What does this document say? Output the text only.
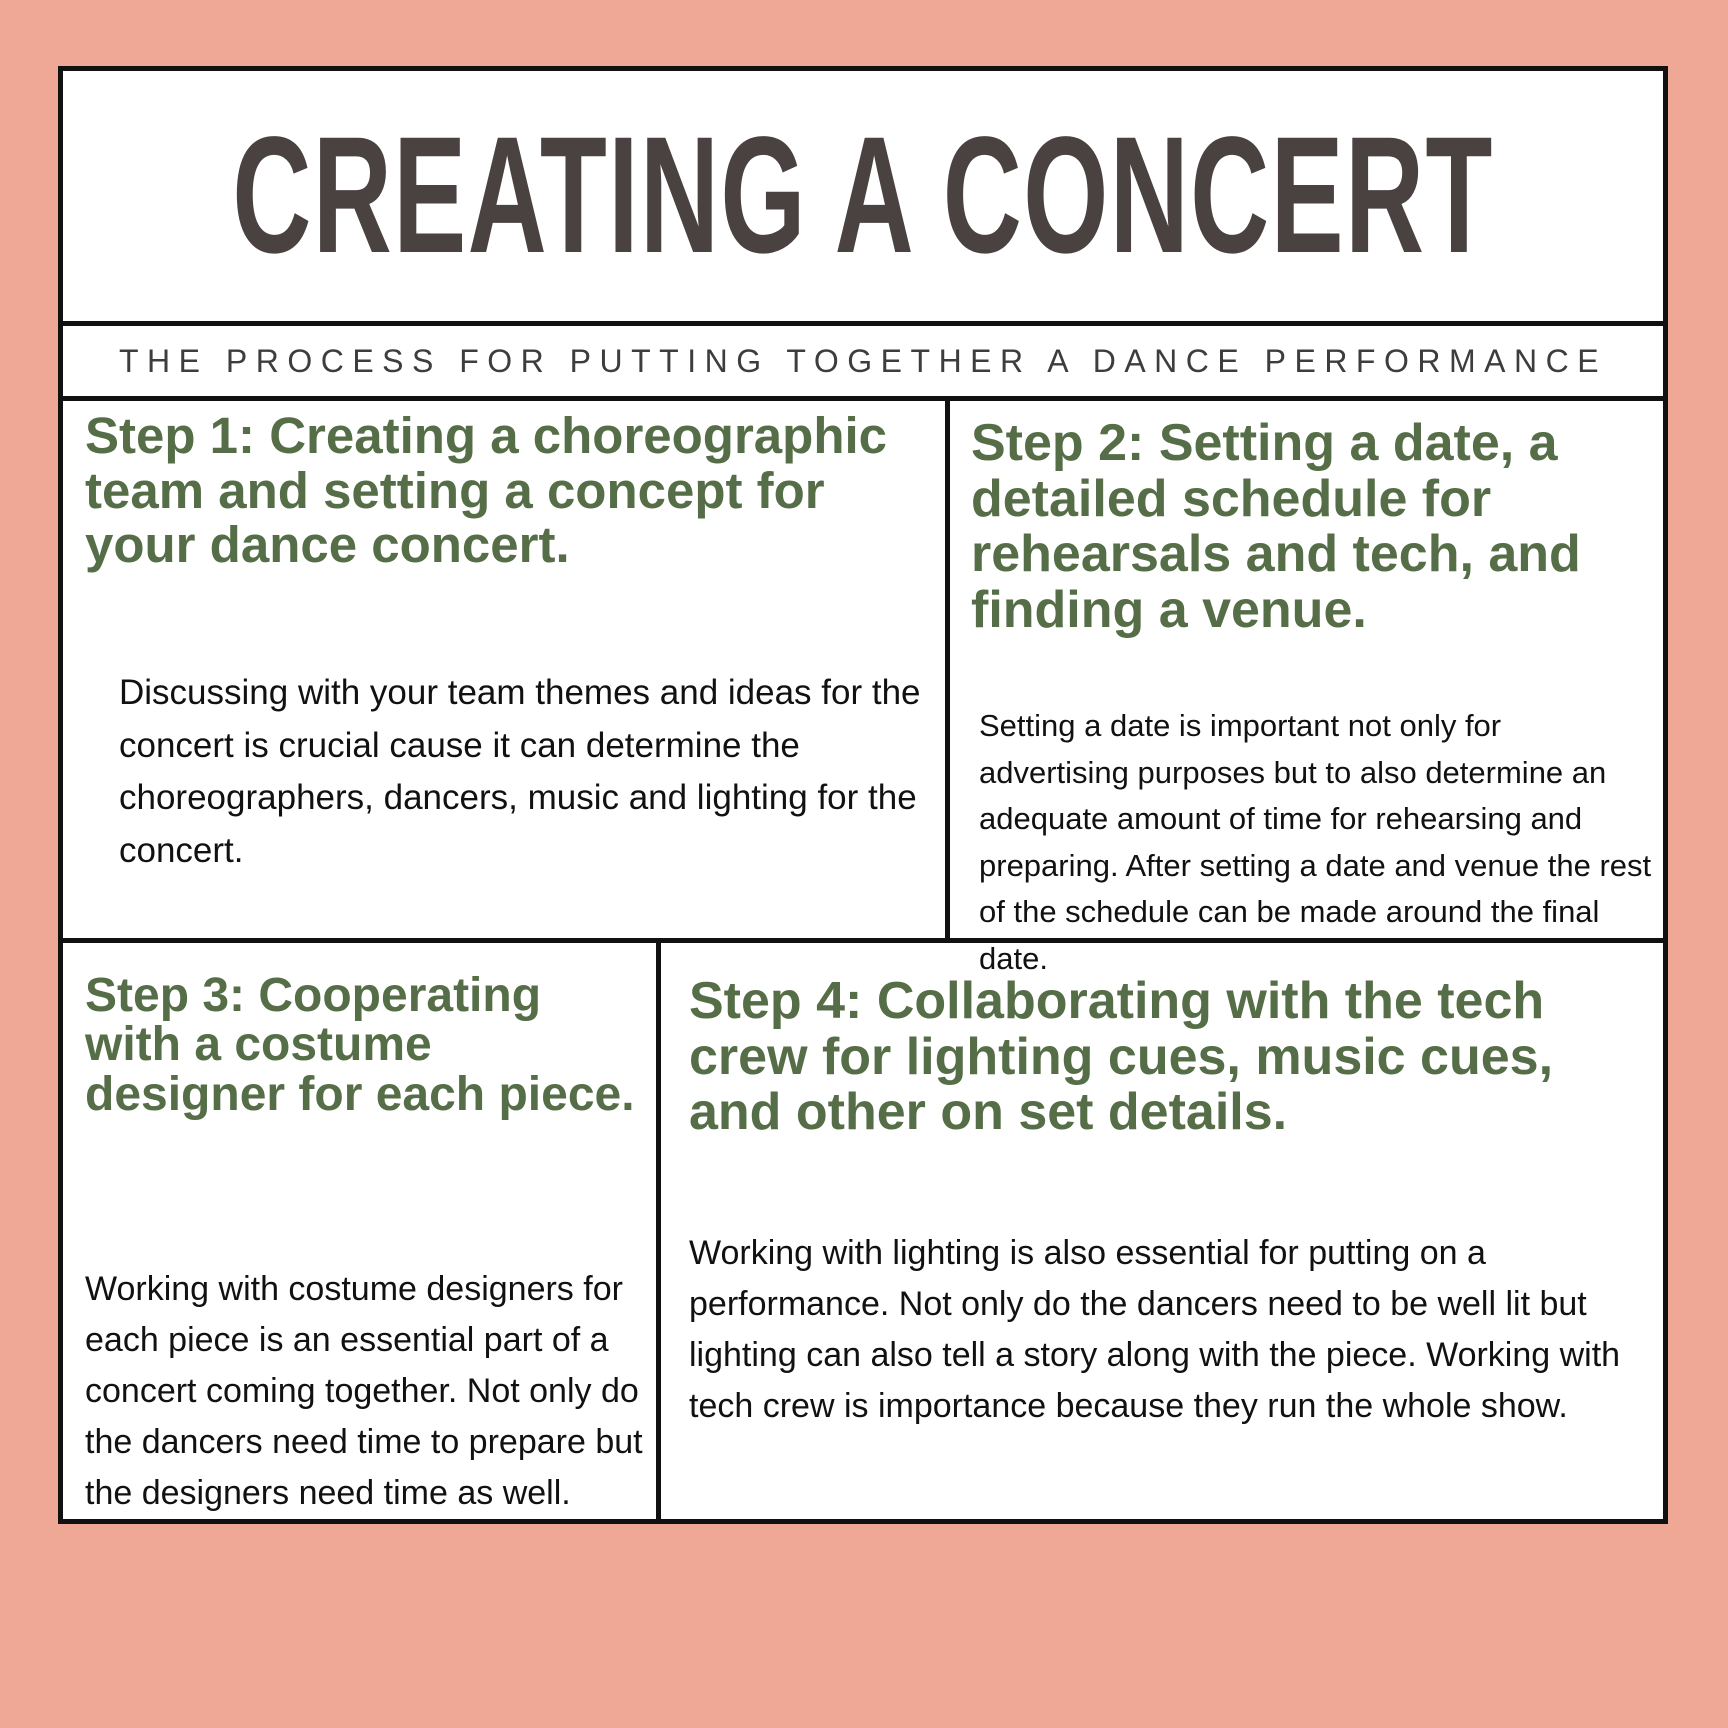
CREATING A CONCERT
THE PROCESS FOR PUTTING TOGETHER A DANCE PERFORMANCE
Step 1: Creating a choreographic team and setting a concept for your dance concert.

Discussing with your team themes and ideas for the concert is crucial cause it can determine the choreographers, dancers, music and lighting for the concert.

Step 2: Setting a date, a detailed schedule for rehearsals and tech, and finding a venue.

Setting a date is important not only for advertising purposes but to also determine an adequate amount of time for rehearsing and preparing. After setting a date and venue the rest of the schedule can be made around the final date.

Step 3: Cooperating with a costume designer for each piece.

Working with costume designers for each piece is an essential part of a concert coming together. Not only do the dancers need time to prepare but the designers need time as well.

Step 4: Collaborating with the tech crew for lighting cues, music cues, and other on set details.

Working with lighting is also essential for putting on a performance. Not only do the dancers need to be well lit but lighting can also tell a story along with the piece. Working with tech crew is importance because they run the whole show.
